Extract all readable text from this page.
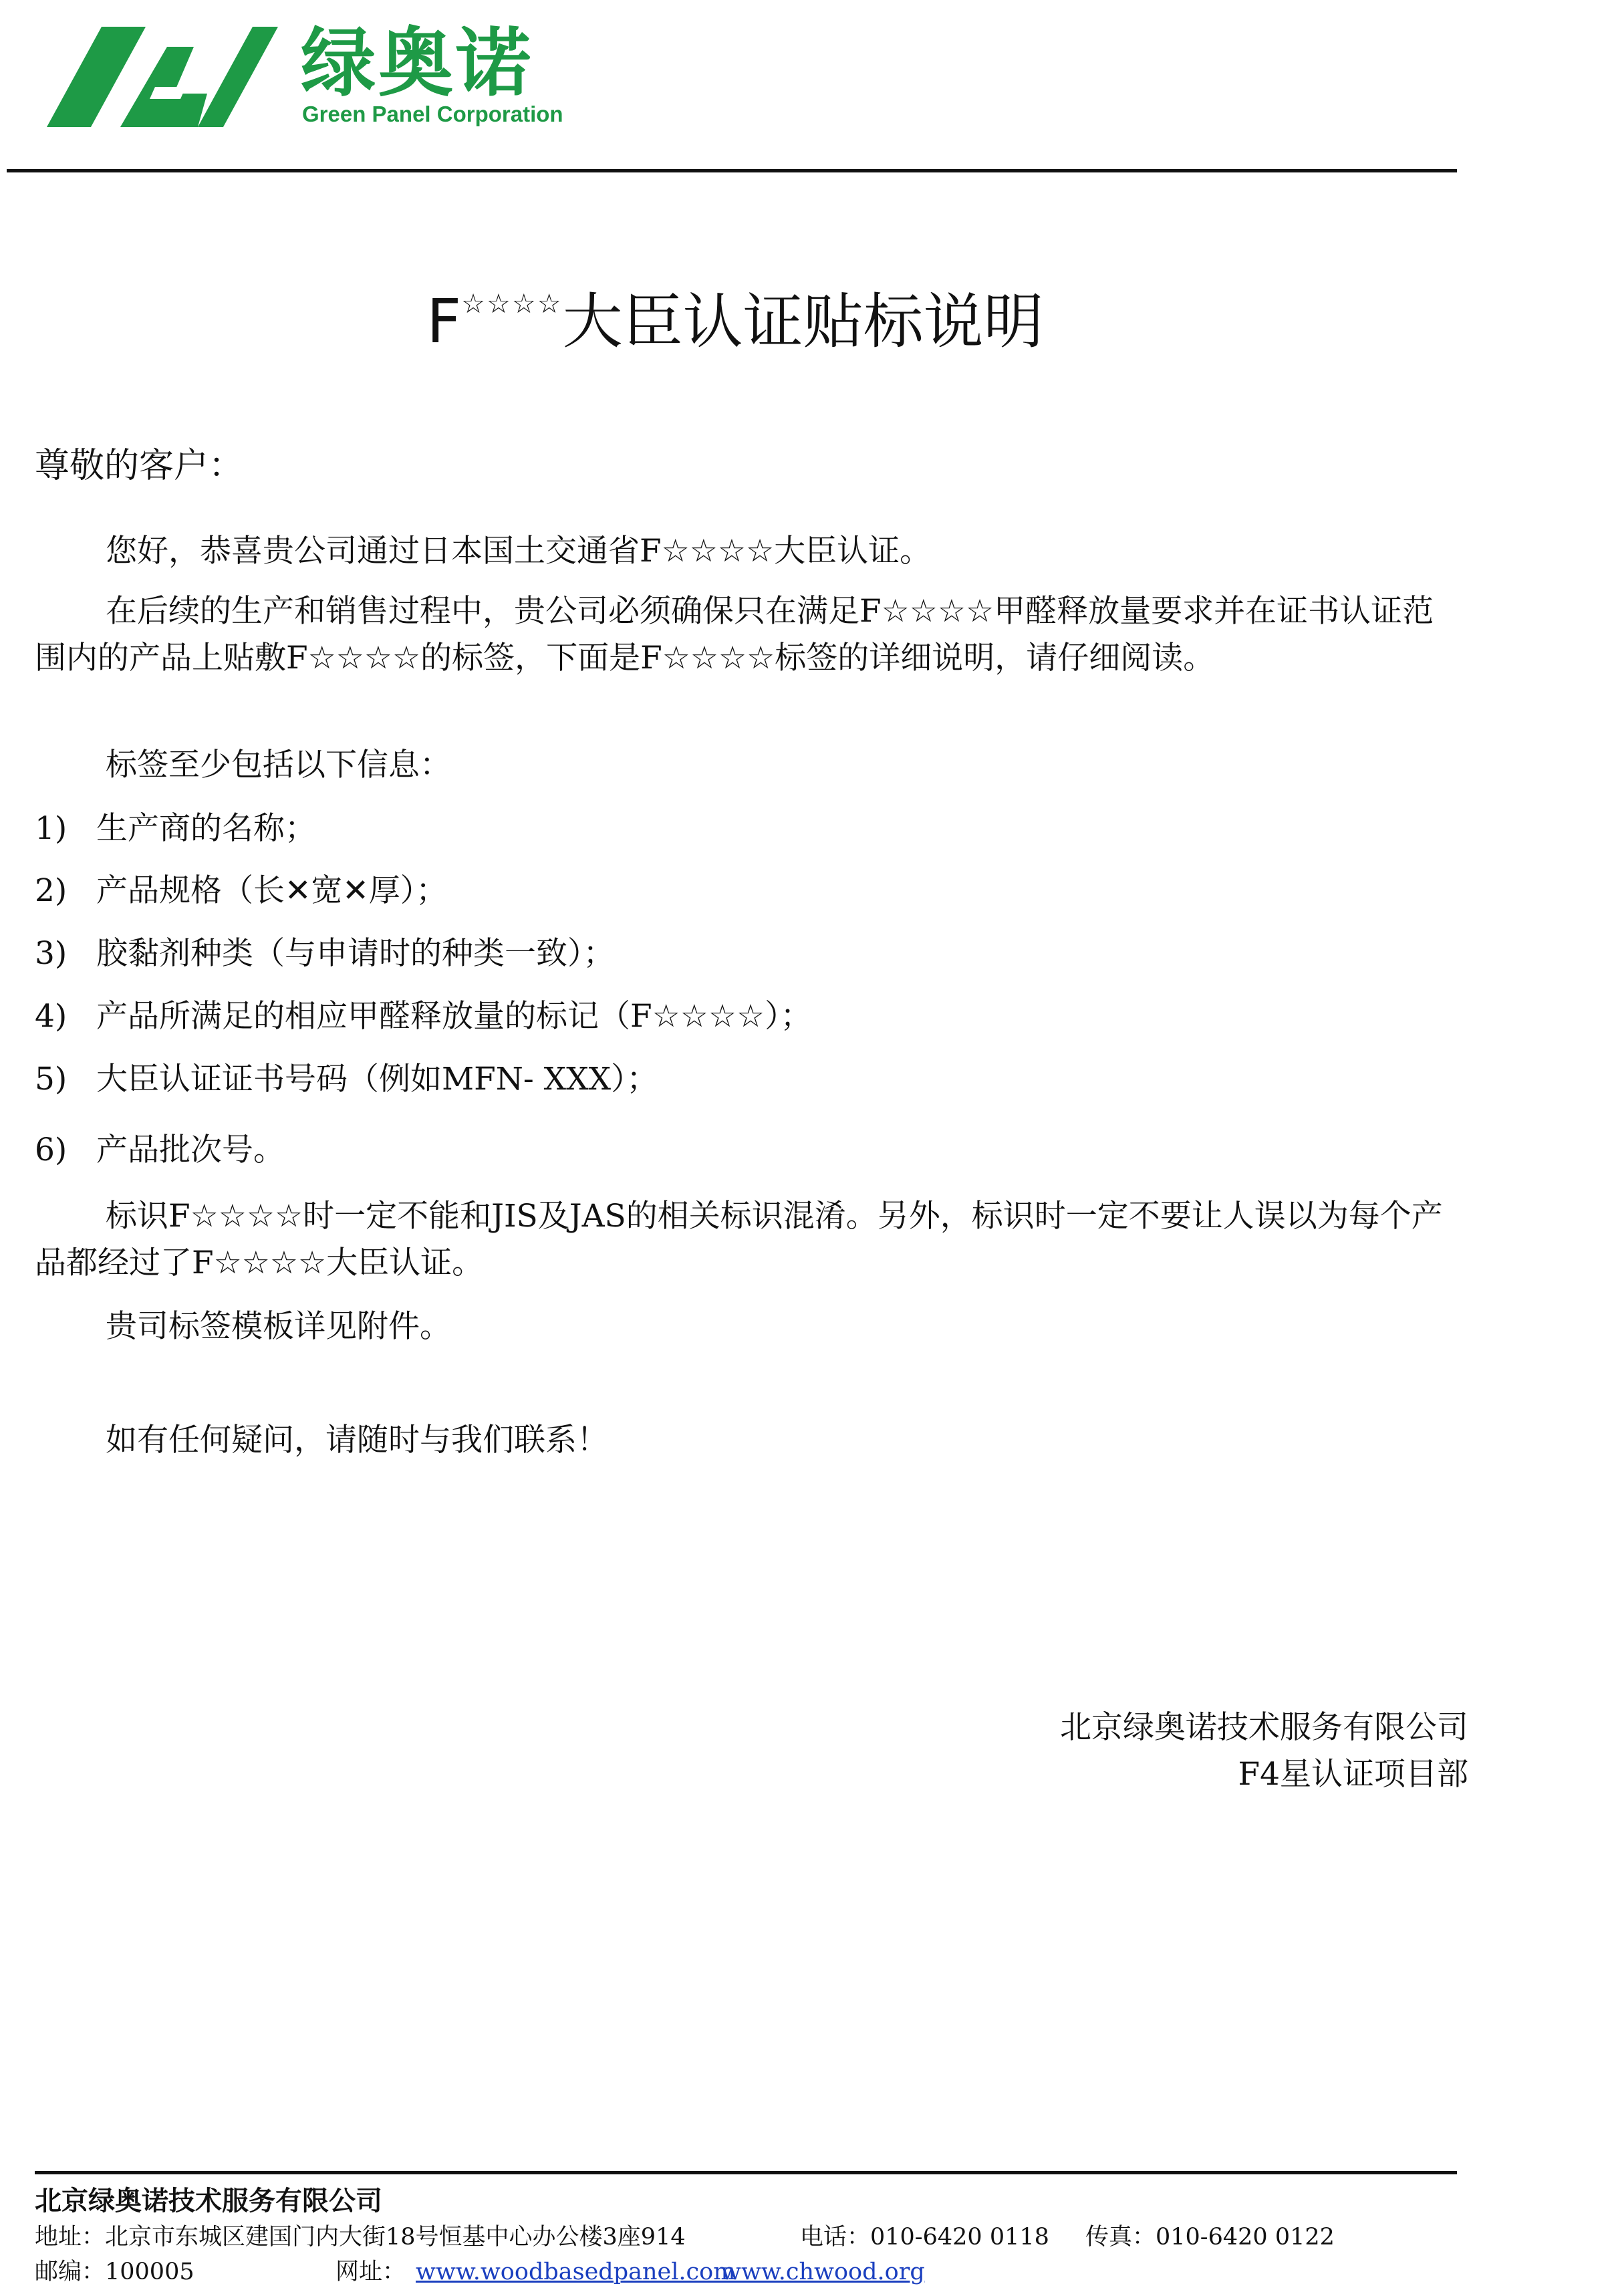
绿奥诺
Green Panel Corporation
F☆☆☆☆大臣认证贴标说明
尊敬的客户：
您好，恭喜贵公司通过日本国土交通省F☆☆☆☆大臣认证。
在后续的生产和销售过程中，贵公司必须确保只在满足F☆☆☆☆甲醛释放量要求并在证书认证范围内的产品上贴敷F☆☆☆☆的标签，下面是F☆☆☆☆标签的详细说明，请仔细阅读。
标签至少包括以下信息：
1) 生产商的名称；
2) 产品规格（长✕宽✕厚）；
3) 胶黏剂种类（与申请时的种类一致）；
4) 产品所满足的相应甲醛释放量的标记（F☆☆☆☆）；
5) 大臣认证证书号码（例如MFN- XXX）；
6) 产品批次号。
标识F☆☆☆☆时一定不能和JIS及JAS的相关标识混淆。另外，标识时一定不要让人误以为每个产品都经过了F☆☆☆☆大臣认证。
贵司标签模板详见附件。
如有任何疑问，请随时与我们联系！
北京绿奥诺技术服务有限公司
F4星认证项目部
北京绿奥诺技术服务有限公司
地址：北京市东城区建国门内大街18号恒基中心办公楼3座914	电话：010-6420 0118 传真：010-6420 0122
邮编：100005	网址： www.woodbasedpanel.com
www.chwood.org
